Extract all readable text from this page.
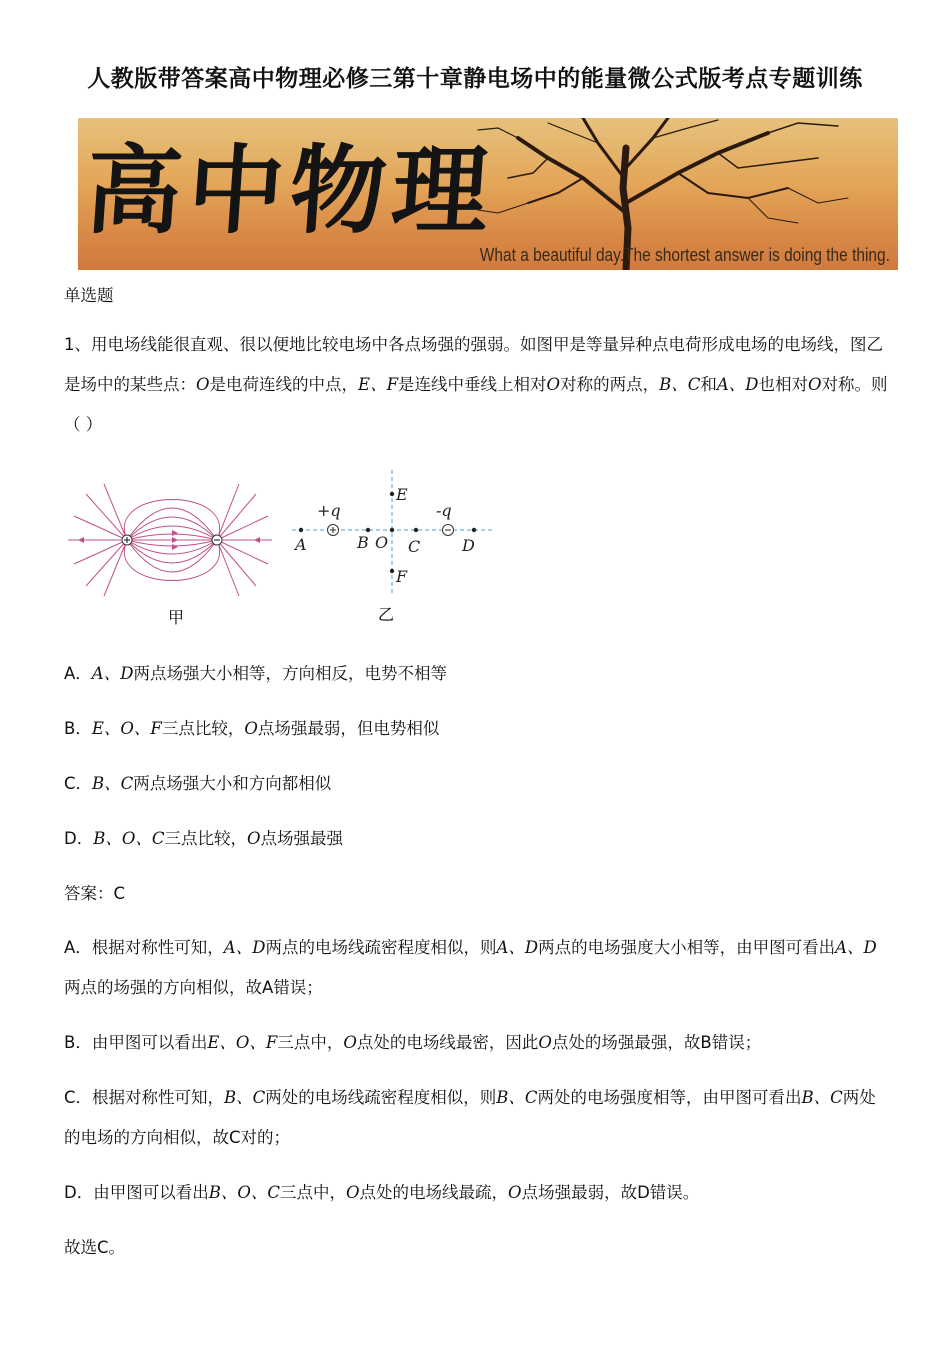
人教版带答案高中物理必修三第十章静电场中的能量微公式版考点专题训练
高中物理
What a beautiful day.The shortest answer is doing the thing.
单选题
1、用电场线能很直观、很以便地比较电场中各点场强的强弱。如图甲是等量异种点电荷形成电场的电场线，图乙是场中的某些点：O是电荷连线的中点，E、F是连线中垂线上相对O对称的两点，B、C和A、D也相对O对称。则（ ）
甲
+q	-q
A	B O C	D
E
F
乙
A．A、D两点场强大小相等，方向相反，电势不相等
B．E、O、F三点比较，O点场强最弱，但电势相似
C．B、C两点场强大小和方向都相似
D．B、O、C三点比较，O点场强最强
答案：C
A．根据对称性可知，A、D两点的电场线疏密程度相似，则A、D两点的电场强度大小相等，由甲图可看出A、D两点的场强的方向相似，故A错误；
B．由甲图可以看出E、O、F三点中，O点处的电场线最密，因此O点处的场强最强，故B错误；
C．根据对称性可知，B、C两处的电场线疏密程度相似，则B、C两处的电场强度相等，由甲图可看出B、C两处的电场的方向相似，故C对的；
D．由甲图可以看出B、O、C三点中，O点处的电场线最疏，O点场强最弱，故D错误。
故选C。
